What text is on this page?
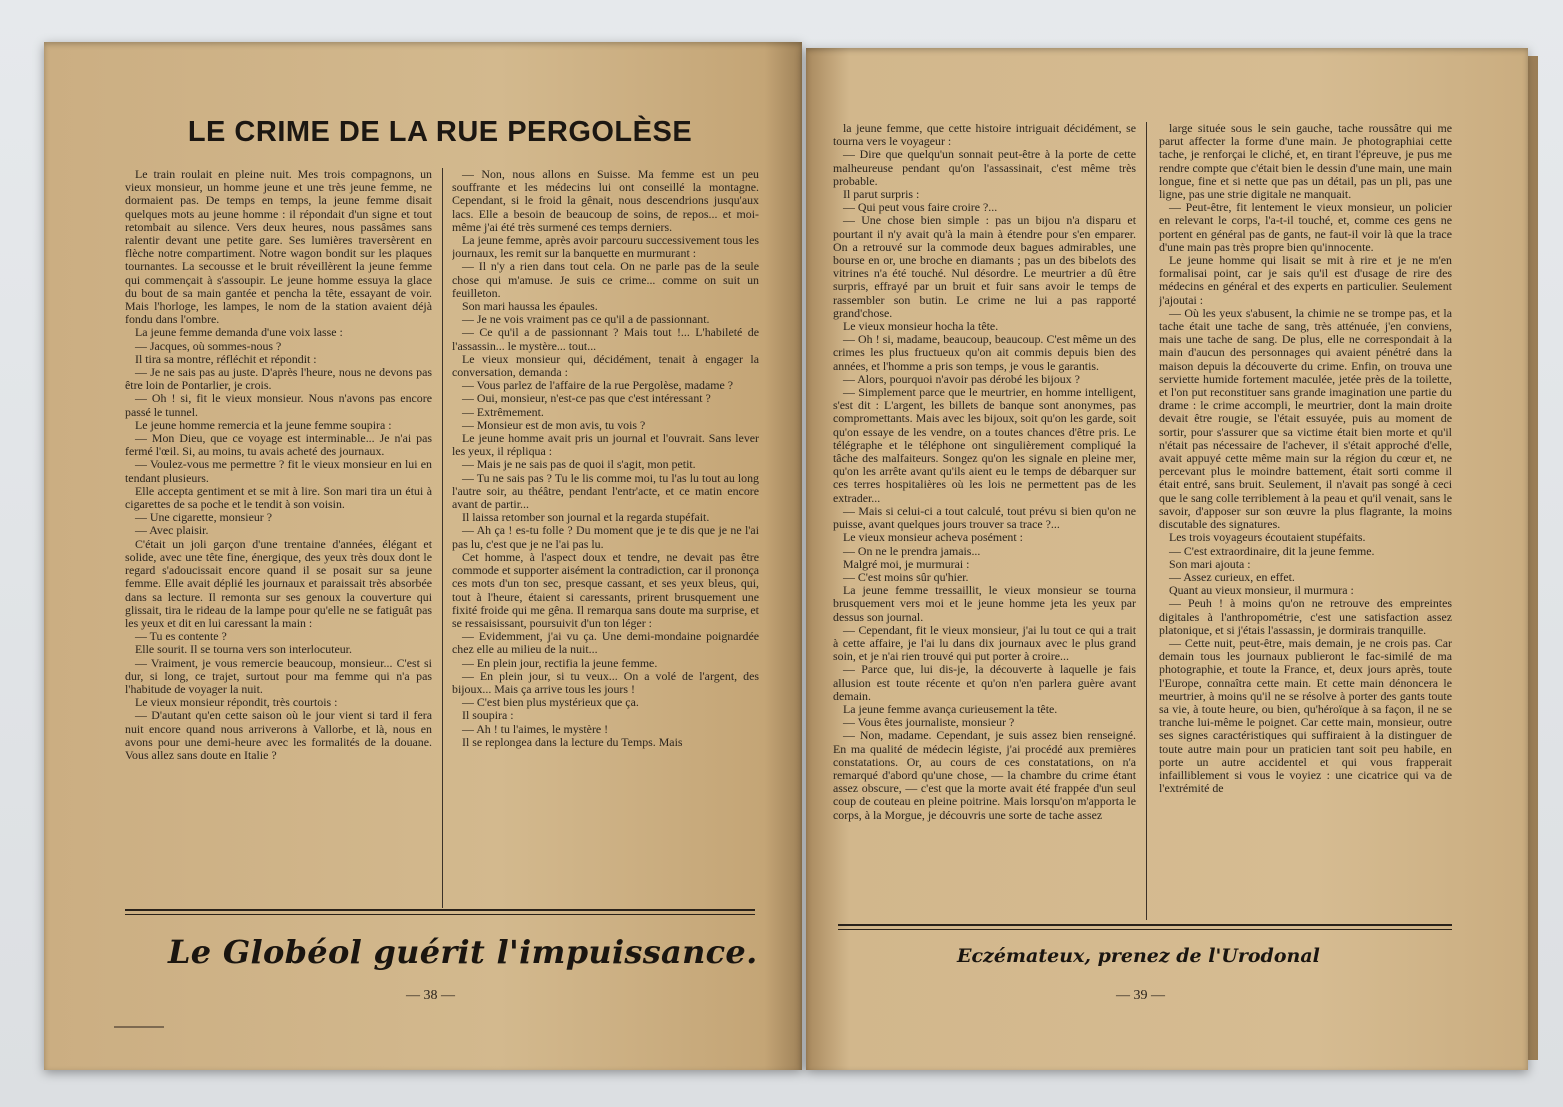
LE CRIME DE LA RUE PERGOLÈSE

Le train roulait en pleine nuit. Mes trois compagnons, un vieux monsieur, un homme jeune et une très jeune femme, ne dormaient pas. De temps en temps, la jeune femme disait quelques mots au jeune homme : il répondait d'un signe et tout retombait au silence. Vers deux heures, nous passâmes sans ralentir devant une petite gare. Ses lumières traversèrent en flèche notre compartiment. Notre wagon bondit sur les plaques tournantes. La secousse et le bruit réveillèrent la jeune femme qui commençait à s'assoupir. Le jeune homme essuya la glace du bout de sa main gantée et pencha la tête, essayant de voir. Mais l'horloge, les lampes, le nom de la station avaient déjà fondu dans l'ombre.

La jeune femme demanda d'une voix lasse :

— Jacques, où sommes-nous ?

Il tira sa montre, réfléchit et répondit :

— Je ne sais pas au juste. D'après l'heure, nous ne devons pas être loin de Pontarlier, je crois.

— Oh ! si, fit le vieux monsieur. Nous n'avons pas encore passé le tunnel.

Le jeune homme remercia et la jeune femme soupira :

— Mon Dieu, que ce voyage est interminable... Je n'ai pas fermé l'œil. Si, au moins, tu avais acheté des journaux.

— Voulez-vous me permettre ? fit le vieux monsieur en lui en tendant plusieurs.

Elle accepta gentiment et se mit à lire. Son mari tira un étui à cigarettes de sa poche et le tendit à son voisin.

— Une cigarette, monsieur ?

— Avec plaisir.

C'était un joli garçon d'une trentaine d'années, élégant et solide, avec une tête fine, énergique, des yeux très doux dont le regard s'adoucissait encore quand il se posait sur sa jeune femme. Elle avait déplié les journaux et paraissait très absorbée dans sa lecture. Il remonta sur ses genoux la couverture qui glissait, tira le rideau de la lampe pour qu'elle ne se fatiguât pas les yeux et dit en lui caressant la main :

— Tu es contente ?

Elle sourit. Il se tourna vers son interlocuteur.

— Vraiment, je vous remercie beaucoup, monsieur... C'est si dur, si long, ce trajet, surtout pour ma femme qui n'a pas l'habitude de voyager la nuit.

Le vieux monsieur répondit, très courtois :

— D'autant qu'en cette saison où le jour vient si tard il fera nuit encore quand nous arriverons à Vallorbe, et là, nous en avons pour une demi-heure avec les formalités de la douane. Vous allez sans doute en Italie ?

— Non, nous allons en Suisse. Ma femme est un peu souffrante et les médecins lui ont conseillé la montagne. Cependant, si le froid la gênait, nous descendrions jusqu'aux lacs. Elle a besoin de beaucoup de soins, de repos... et moi-même j'ai été très surmené ces temps derniers.

La jeune femme, après avoir parcouru successivement tous les journaux, les remit sur la banquette en murmurant :

— Il n'y a rien dans tout cela. On ne parle pas de la seule chose qui m'amuse. Je suis ce crime... comme on suit un feuilleton.

Son mari haussa les épaules.

— Je ne vois vraiment pas ce qu'il a de passionnant.

— Ce qu'il a de passionnant ? Mais tout !... L'habileté de l'assassin... le mystère... tout...

Le vieux monsieur qui, décidément, tenait à engager la conversation, demanda :

— Vous parlez de l'affaire de la rue Pergolèse, madame ?

— Oui, monsieur, n'est-ce pas que c'est intéressant ?

— Extrêmement.

— Monsieur est de mon avis, tu vois ?

Le jeune homme avait pris un journal et l'ouvrait. Sans lever les yeux, il répliqua :

— Mais je ne sais pas de quoi il s'agit, mon petit.

— Tu ne sais pas ? Tu le lis comme moi, tu l'as lu tout au long l'autre soir, au théâtre, pendant l'entr'acte, et ce matin encore avant de partir...

Il laissa retomber son journal et la regarda stupéfait.

— Ah ça ! es-tu folle ? Du moment que je te dis que je ne l'ai pas lu, c'est que je ne l'ai pas lu.

Cet homme, à l'aspect doux et tendre, ne devait pas être commode et supporter aisément la contradiction, car il prononça ces mots d'un ton sec, presque cassant, et ses yeux bleus, qui, tout à l'heure, étaient si caressants, prirent brusquement une fixité froide qui me gêna. Il remarqua sans doute ma surprise, et se ressaisissant, poursuivit d'un ton léger :

— Evidemment, j'ai vu ça. Une demi-mondaine poignardée chez elle au milieu de la nuit...

— En plein jour, rectifia la jeune femme.

— En plein jour, si tu veux... On a volé de l'argent, des bijoux... Mais ça arrive tous les jours !

— C'est bien plus mystérieux que ça.

Il soupira :

— Ah ! tu l'aimes, le mystère !

Il se replongea dans la lecture du Temps. Mais

la jeune femme, que cette histoire intriguait décidément, se tourna vers le voyageur :

— Dire que quelqu'un sonnait peut-être à la porte de cette malheureuse pendant qu'on l'assassinait, c'est même très probable.

Il parut surpris :

— Qui peut vous faire croire ?...

— Une chose bien simple : pas un bijou n'a disparu et pourtant il n'y avait qu'à la main à étendre pour s'en emparer. On a retrouvé sur la commode deux bagues admirables, une bourse en or, une broche en diamants ; pas un des bibelots des vitrines n'a été touché. Nul désordre. Le meurtrier a dû être surpris, effrayé par un bruit et fuir sans avoir le temps de rassembler son butin. Le crime ne lui a pas rapporté grand'chose.

Le vieux monsieur hocha la tête.

— Oh ! si, madame, beaucoup, beaucoup. C'est même un des crimes les plus fructueux qu'on ait commis depuis bien des années, et l'homme a pris son temps, je vous le garantis.

— Alors, pourquoi n'avoir pas dérobé les bijoux ?

— Simplement parce que le meurtrier, en homme intelligent, s'est dit : L'argent, les billets de banque sont anonymes, pas compromettants. Mais avec les bijoux, soit qu'on les garde, soit qu'on essaye de les vendre, on a toutes chances d'être pris. Le télégraphe et le téléphone ont singulièrement compliqué la tâche des malfaiteurs. Songez qu'on les signale en pleine mer, qu'on les arrête avant qu'ils aient eu le temps de débarquer sur ces terres hospitalières où les lois ne permettent pas de les extrader...

— Mais si celui-ci a tout calculé, tout prévu si bien qu'on ne puisse, avant quelques jours trouver sa trace ?...

Le vieux monsieur acheva posément :

— On ne le prendra jamais...

Malgré moi, je murmurai :

— C'est moins sûr qu'hier.

La jeune femme tressaillit, le vieux monsieur se tourna brusquement vers moi et le jeune homme jeta les yeux par dessus son journal.

— Cependant, fit le vieux monsieur, j'ai lu tout ce qui a trait à cette affaire, je l'ai lu dans dix journaux avec le plus grand soin, et je n'ai rien trouvé qui put porter à croire...

— Parce que, lui dis-je, la découverte à laquelle je fais allusion est toute récente et qu'on n'en parlera guère avant demain.

La jeune femme avança curieusement la tête.

— Vous êtes journaliste, monsieur ?

— Non, madame. Cependant, je suis assez bien renseigné. En ma qualité de médecin légiste, j'ai procédé aux premières constatations. Or, au cours de ces constatations, on n'a remarqué d'abord qu'une chose, — la chambre du crime étant assez obscure, — c'est que la morte avait été frappée d'un seul coup de couteau en pleine poitrine. Mais lorsqu'on m'apporta le corps, à la Morgue, je découvris une sorte de tache assez

large située sous le sein gauche, tache roussâtre qui me parut affecter la forme d'une main. Je photographiai cette tache, je renforçai le cliché, et, en tirant l'épreuve, je pus me rendre compte que c'était bien le dessin d'une main, une main longue, fine et si nette que pas un détail, pas un pli, pas une ligne, pas une strie digitale ne manquait.

— Peut-être, fit lentement le vieux monsieur, un policier en relevant le corps, l'a-t-il touché, et, comme ces gens ne portent en général pas de gants, ne faut-il voir là que la trace d'une main pas très propre bien qu'innocente.

Le jeune homme qui lisait se mit à rire et je ne m'en formalisai point, car je sais qu'il est d'usage de rire des médecins en général et des experts en particulier. Seulement j'ajoutai :

— Où les yeux s'abusent, la chimie ne se trompe pas, et la tache était une tache de sang, très atténuée, j'en conviens, mais une tache de sang. De plus, elle ne correspondait à la main d'aucun des personnages qui avaient pénétré dans la maison depuis la découverte du crime. Enfin, on trouva une serviette humide fortement maculée, jetée près de la toilette, et l'on put reconstituer sans grande imagination une partie du drame : le crime accompli, le meurtrier, dont la main droite devait être rougie, se l'était essuyée, puis au moment de sortir, pour s'assurer que sa victime était bien morte et qu'il n'était pas nécessaire de l'achever, il s'était approché d'elle, avait appuyé cette même main sur la région du cœur et, ne percevant plus le moindre battement, était sorti comme il était entré, sans bruit. Seulement, il n'avait pas songé à ceci que le sang colle terriblement à la peau et qu'il venait, sans le savoir, d'apposer sur son œuvre la plus flagrante, la moins discutable des signatures.

Les trois voyageurs écoutaient stupéfaits.

— C'est extraordinaire, dit la jeune femme.

Son mari ajouta :

— Assez curieux, en effet.

Quant au vieux monsieur, il murmura :

— Peuh ! à moins qu'on ne retrouve des empreintes digitales à l'anthropométrie, c'est une satisfaction assez platonique, et si j'étais l'assassin, je dormirais tranquille.

— Cette nuit, peut-être, mais demain, je ne crois pas. Car demain tous les journaux publieront le fac-similé de ma photographie, et toute la France, et, deux jours après, toute l'Europe, connaîtra cette main. Et cette main dénoncera le meurtrier, à moins qu'il ne se résolve à porter des gants toute sa vie, à toute heure, ou bien, qu'héroïque à sa façon, il ne se tranche lui-même le poignet. Car cette main, monsieur, outre ses signes caractéristiques qui suffiraient à la distinguer de toute autre main pour un praticien tant soit peu habile, en porte un autre accidentel et qui vous frapperait infailliblement si vous le voyiez : une cicatrice qui va de l'extrémité de

Le Globéol guérit l'impuissance.	Eczémateux, prenez de l'Urodonal
— 38 —	— 39 —
